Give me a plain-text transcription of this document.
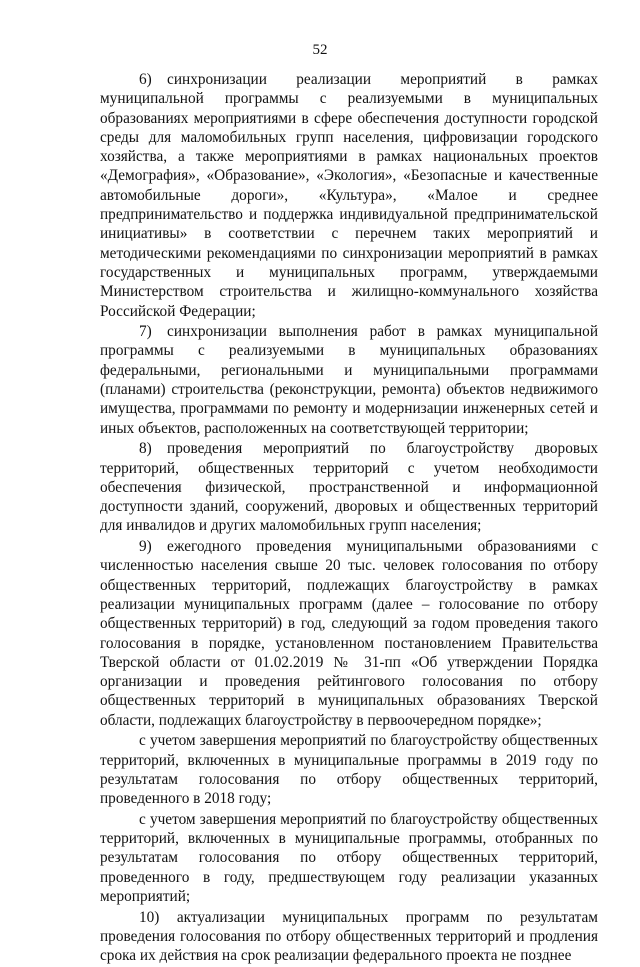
52

6) синхронизации реализации мероприятий в рамках муниципальной программы с реализуемыми в муниципальных образованиях мероприятиями в сфере обеспечения доступности городской среды для маломобильных групп населения, цифровизации городского хозяйства, а также мероприятиями в рамках национальных проектов «Демография», «Образование», «Экология», «Безопасные и качественные автомобильные дороги», «Культура», «Малое и среднее предпринимательство и поддержка индивидуальной предпринимательской инициативы» в соответствии с перечнем таких мероприятий и методическими рекомендациями по синхронизации мероприятий в рамках государственных и муниципальных программ, утверждаемыми Министерством строительства и жилищно-коммунального хозяйства Российской Федерации;

7) синхронизации выполнения работ в рамках муниципальной программы с реализуемыми в муниципальных образованиях федеральными, региональными и муниципальными программами (планами) строительства (реконструкции, ремонта) объектов недвижимого имущества, программами по ремонту и модернизации инженерных сетей и иных объектов, расположенных на соответствующей территории;

8) проведения мероприятий по благоустройству дворовых территорий, общественных территорий с учетом необходимости обеспечения физической, пространственной и информационной доступности зданий, сооружений, дворовых и общественных территорий для инвалидов и других маломобильных групп населения;

9) ежегодного проведения муниципальными образованиями с численностью населения свыше 20 тыс. человек голосования по отбору общественных территорий, подлежащих благоустройству в рамках реализации муниципальных программ (далее – голосование по отбору общественных территорий) в год, следующий за годом проведения такого голосования в порядке, установленном постановлением Правительства Тверской области от 01.02.2019 № 31-пп «Об утверждении Порядка организации и проведения рейтингового голосования по отбору общественных территорий в муниципальных образованиях Тверской области, подлежащих благоустройству в первоочередном порядке»;

с учетом завершения мероприятий по благоустройству общественных территорий, включенных в муниципальные программы в 2019 году по результатам голосования по отбору общественных территорий, проведенного в 2018 году;

с учетом завершения мероприятий по благоустройству общественных территорий, включенных в муниципальные программы, отобранных по результатам голосования по отбору общественных территорий, проведенного в году, предшествующем году реализации указанных мероприятий;

10) актуализации муниципальных программ по результатам проведения голосования по отбору общественных территорий и продления срока их действия на срок реализации федерального проекта не позднее
